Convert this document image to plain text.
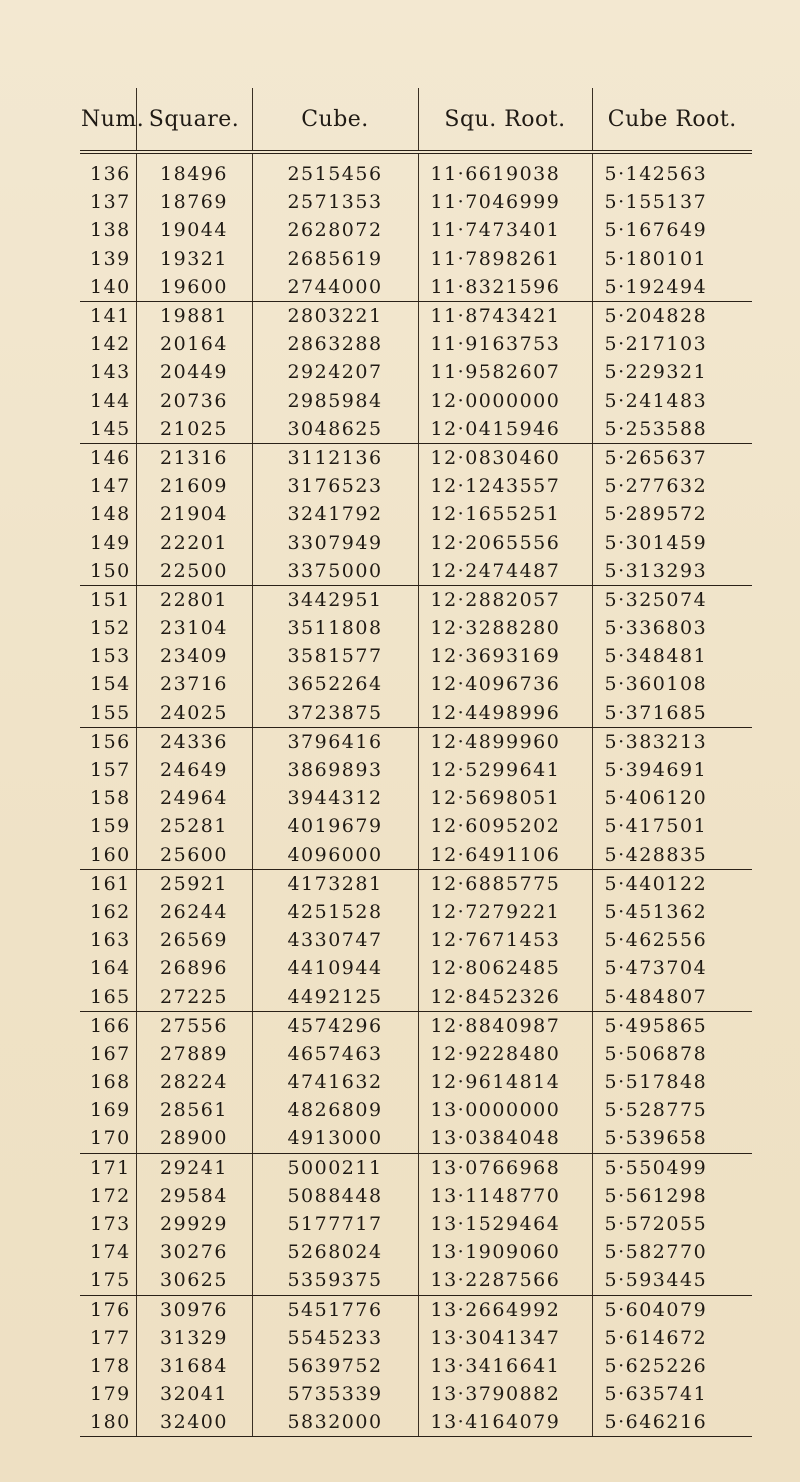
Num.	Square.	Cube.	Squ. Root.	Cube Root.
136	18496	2515456	11·6619038	5·142563
137	18769	2571353	11·7046999	5·155137
138	19044	2628072	11·7473401	5·167649
139	19321	2685619	11·7898261	5·180101
140	19600	2744000	11·8321596	5·192494
141	19881	2803221	11·8743421	5·204828
142	20164	2863288	11·9163753	5·217103
143	20449	2924207	11·9582607	5·229321
144	20736	2985984	12·0000000	5·241483
145	21025	3048625	12·0415946	5·253588
146	21316	3112136	12·0830460	5·265637
147	21609	3176523	12·1243557	5·277632
148	21904	3241792	12·1655251	5·289572
149	22201	3307949	12·2065556	5·301459
150	22500	3375000	12·2474487	5·313293
151	22801	3442951	12·2882057	5·325074
152	23104	3511808	12·3288280	5·336803
153	23409	3581577	12·3693169	5·348481
154	23716	3652264	12·4096736	5·360108
155	24025	3723875	12·4498996	5·371685
156	24336	3796416	12·4899960	5·383213
157	24649	3869893	12·5299641	5·394691
158	24964	3944312	12·5698051	5·406120
159	25281	4019679	12·6095202	5·417501
160	25600	4096000	12·6491106	5·428835
161	25921	4173281	12·6885775	5·440122
162	26244	4251528	12·7279221	5·451362
163	26569	4330747	12·7671453	5·462556
164	26896	4410944	12·8062485	5·473704
165	27225	4492125	12·8452326	5·484807
166	27556	4574296	12·8840987	5·495865
167	27889	4657463	12·9228480	5·506878
168	28224	4741632	12·9614814	5·517848
169	28561	4826809	13·0000000	5·528775
170	28900	4913000	13·0384048	5·539658
171	29241	5000211	13·0766968	5·550499
172	29584	5088448	13·1148770	5·561298
173	29929	5177717	13·1529464	5·572055
174	30276	5268024	13·1909060	5·582770
175	30625	5359375	13·2287566	5·593445
176	30976	5451776	13·2664992	5·604079
177	31329	5545233	13·3041347	5·614672
178	31684	5639752	13·3416641	5·625226
179	32041	5735339	13·3790882	5·635741
180	32400	5832000	13·4164079	5·646216
